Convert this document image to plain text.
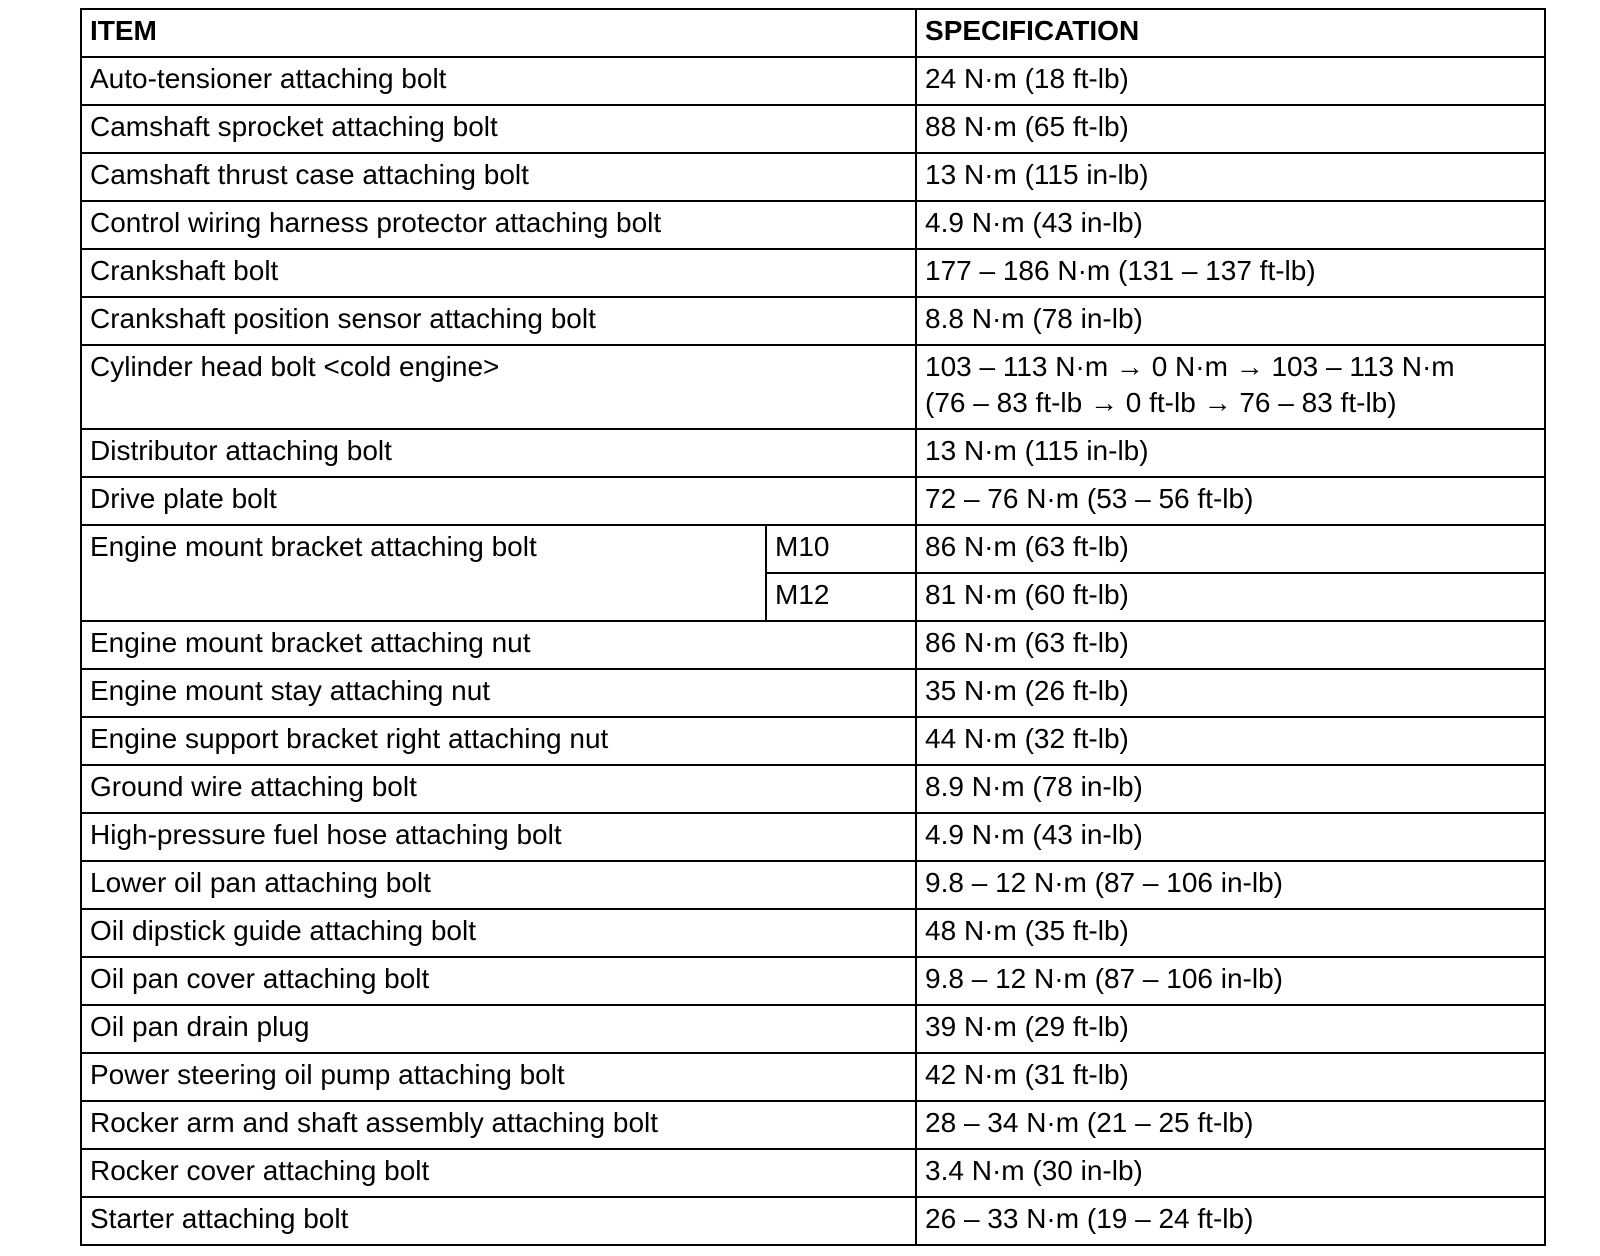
ITEM		SPECIFICATION
Auto-tensioner attaching bolt		24 N·m (18 ft-lb)
Camshaft sprocket attaching bolt		88 N·m (65 ft-lb)
Camshaft thrust case attaching bolt		13 N·m (115 in-lb)
Control wiring harness protector attaching bolt		4.9 N·m (43 in-lb)
Crankshaft bolt		177 – 186 N·m (131 – 137 ft-lb)
Crankshaft position sensor attaching bolt		8.8 N·m (78 in-lb)
Cylinder head bolt <cold engine>		103 – 113 N·m → 0 N·m → 103 – 113 N·m
(76 – 83 ft-lb → 0 ft-lb → 76 – 83 ft-lb)

Distributor attaching bolt		13 N·m (115 in-lb)
Drive plate bolt		72 – 76 N·m (53 – 56 ft-lb)
Engine mount bracket attaching bolt	M10	86 N·m (63 ft-lb)
	M12	81 N·m (60 ft-lb)
Engine mount bracket attaching nut		86 N·m (63 ft-lb)
Engine mount stay attaching nut		35 N·m (26 ft-lb)
Engine support bracket right attaching nut		44 N·m (32 ft-lb)
Ground wire attaching bolt		8.9 N·m (78 in-lb)
High-pressure fuel hose attaching bolt		4.9 N·m (43 in-lb)
Lower oil pan attaching bolt		9.8 – 12 N·m (87 – 106 in-lb)
Oil dipstick guide attaching bolt		48 N·m (35 ft-lb)
Oil pan cover attaching bolt		9.8 – 12 N·m (87 – 106 in-lb)
Oil pan drain plug		39 N·m (29 ft-lb)
Power steering oil pump attaching bolt		42 N·m (31 ft-lb)
Rocker arm and shaft assembly attaching bolt		28 – 34 N·m (21 – 25 ft-lb)
Rocker cover attaching bolt		3.4 N·m (30 in-lb)
Starter attaching bolt		26 – 33 N·m (19 – 24 ft-lb)
